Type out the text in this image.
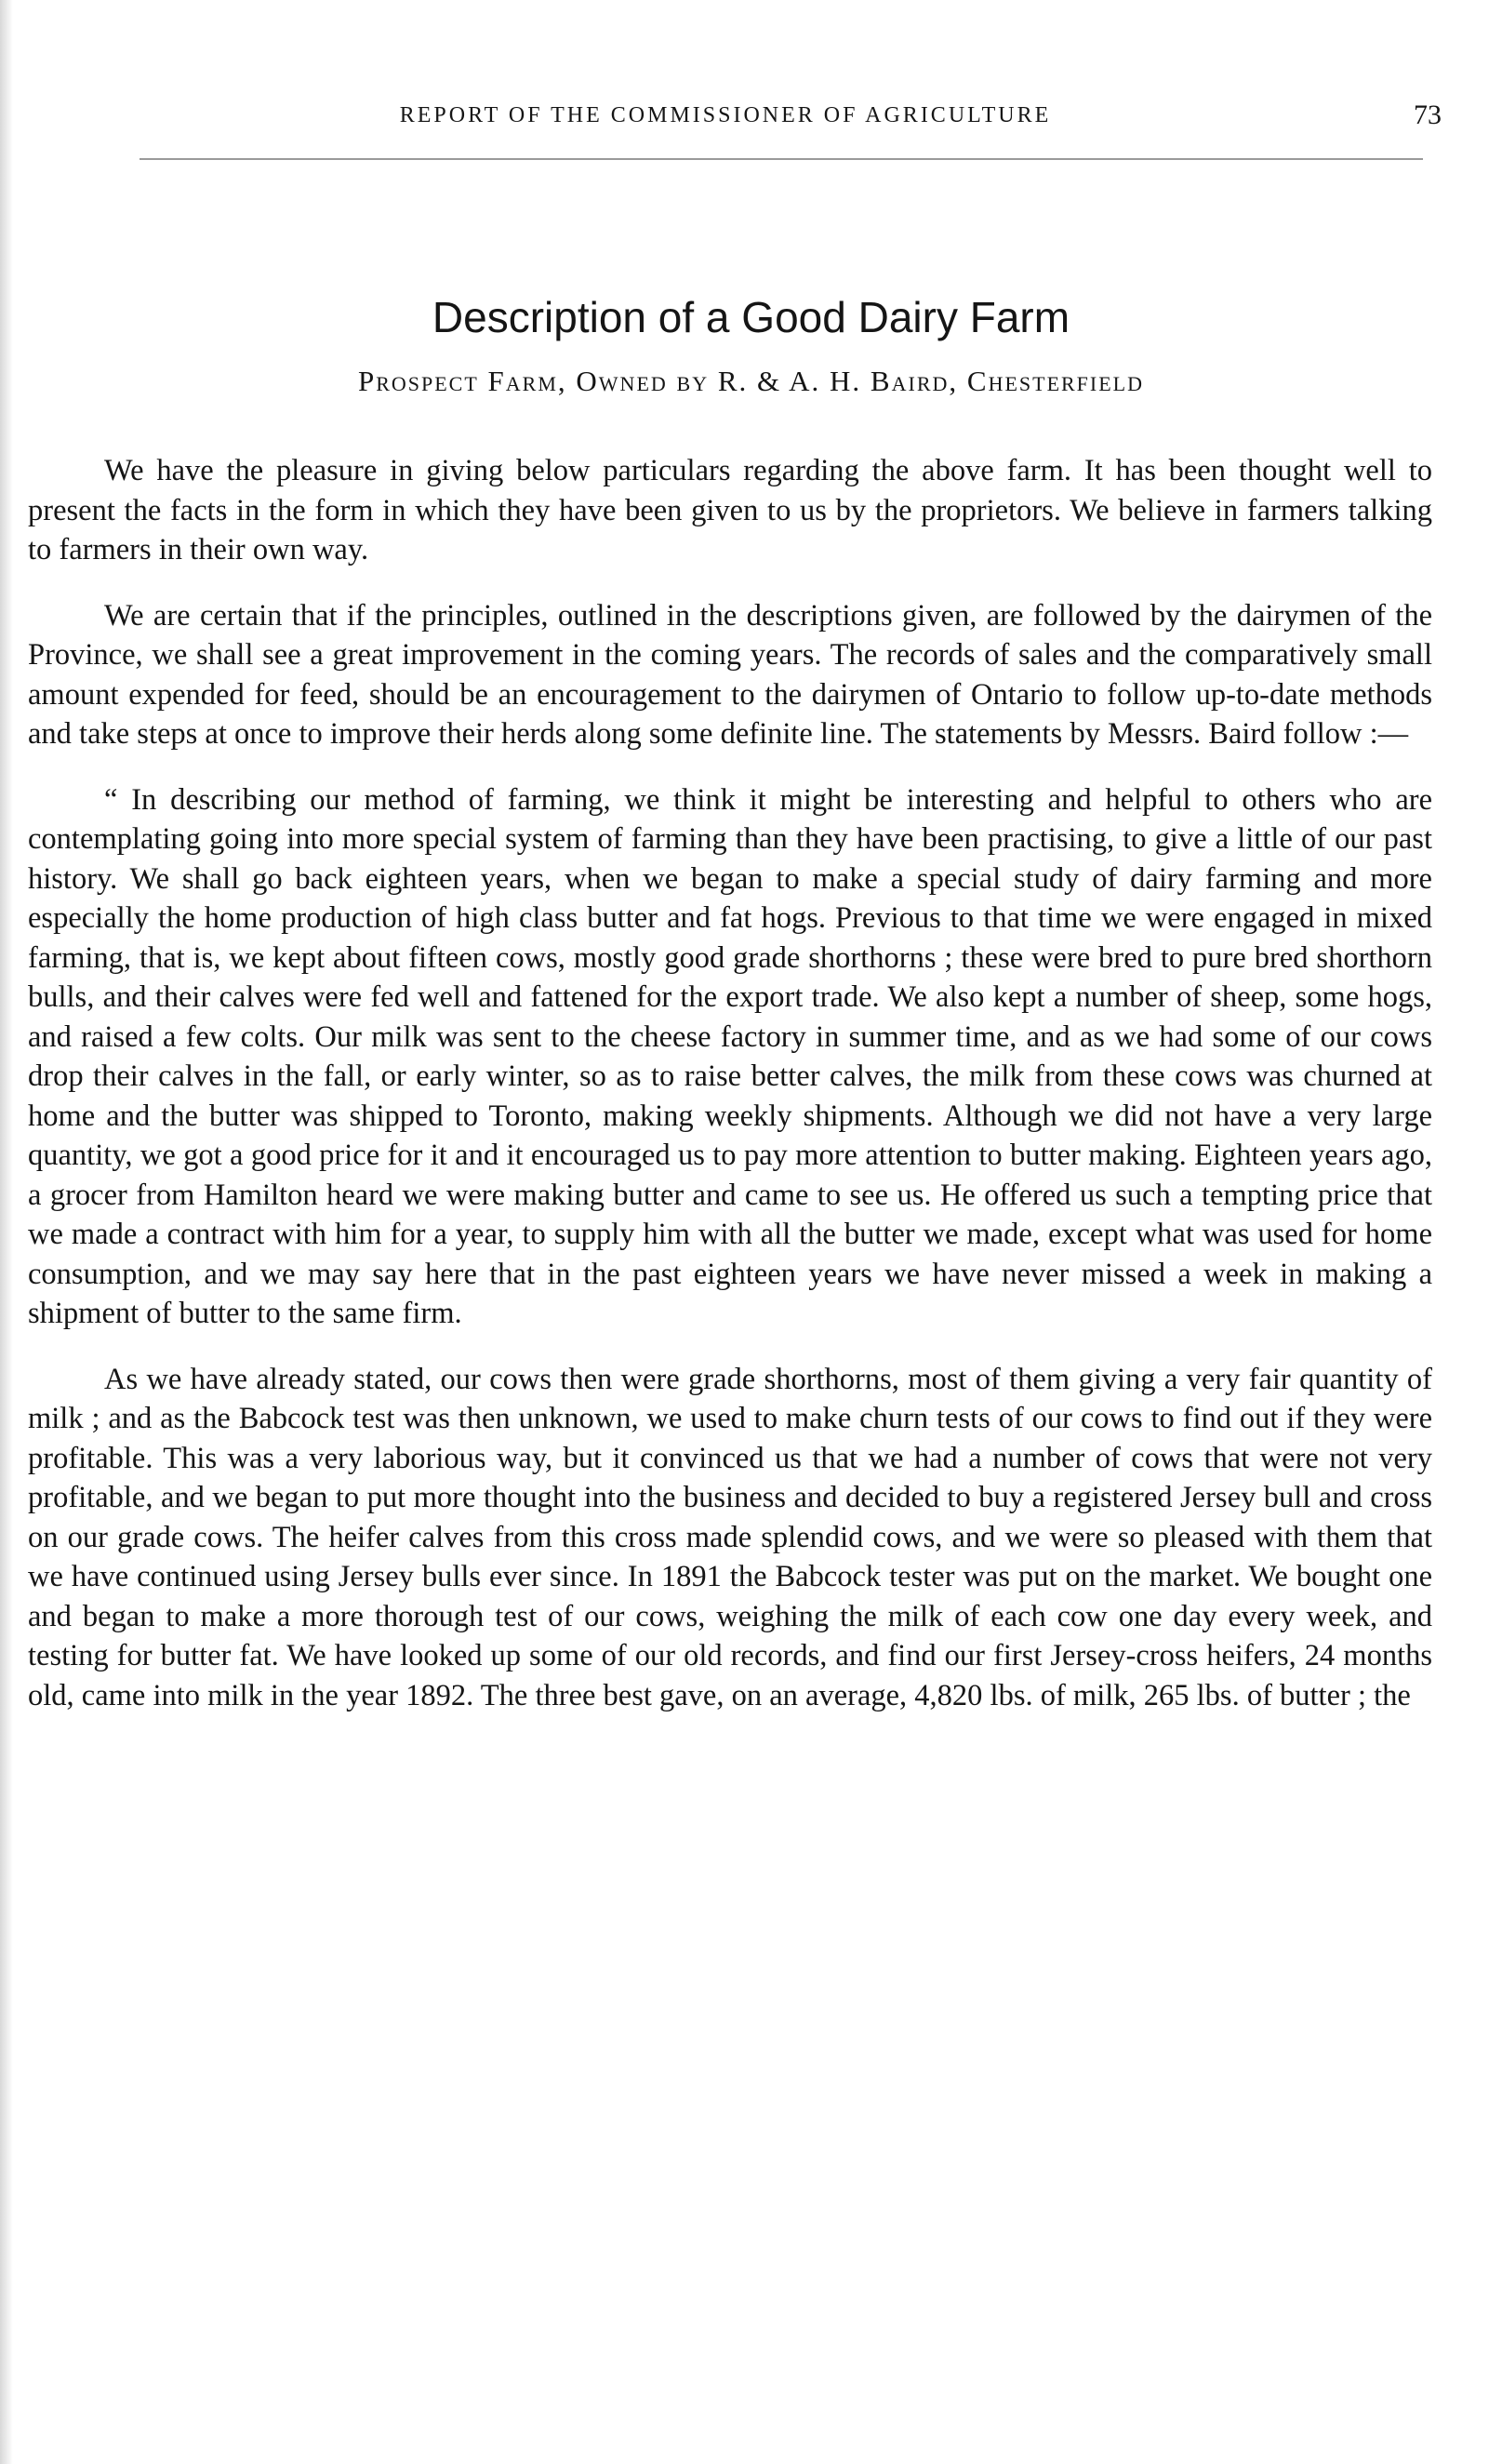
REPORT OF THE COMMISSIONER OF AGRICULTURE	73
Description of a Good Dairy Farm
Prospect Farm, Owned by R. & A. H. Baird, Chesterfield

We have the pleasure in giving below particulars regarding the above farm. It has been thought well to present the facts in the form in which they have been given to us by the proprietors. We believe in farmers talking to farmers in their own way.

We are certain that if the principles, outlined in the descriptions given, are followed by the dairymen of the Province, we shall see a great improvement in the coming years. The records of sales and the comparatively small amount expended for feed, should be an encouragement to the dairymen of Ontario to follow up-to-date methods and take steps at once to improve their herds along some definite line. The statements by Messrs. Baird follow :—

“ In describing our method of farming, we think it might be interesting and helpful to others who are contemplating going into more special system of farming than they have been practising, to give a little of our past history. We shall go back eighteen years, when we began to make a special study of dairy farming and more especially the home production of high class butter and fat hogs. Previous to that time we were engaged in mixed farming, that is, we kept about fifteen cows, mostly good grade shorthorns ; these were bred to pure bred shorthorn bulls, and their calves were fed well and fattened for the export trade. We also kept a number of sheep, some hogs, and raised a few colts. Our milk was sent to the cheese factory in summer time, and as we had some of our cows drop their calves in the fall, or early winter, so as to raise better calves, the milk from these cows was churned at home and the butter was shipped to Toronto, making weekly shipments. Although we did not have a very large quantity, we got a good price for it and it encouraged us to pay more attention to butter making. Eighteen years ago, a grocer from Hamilton heard we were making butter and came to see us. He offered us such a tempting price that we made a contract with him for a year, to supply him with all the butter we made, except what was used for home consumption, and we may say here that in the past eighteen years we have never missed a week in making a shipment of butter to the same firm.

As we have already stated, our cows then were grade shorthorns, most of them giving a very fair quantity of milk ; and as the Babcock test was then unknown, we used to make churn tests of our cows to find out if they were profitable. This was a very laborious way, but it convinced us that we had a number of cows that were not very profitable, and we began to put more thought into the business and decided to buy a registered Jersey bull and cross on our grade cows. The heifer calves from this cross made splendid cows, and we were so pleased with them that we have continued using Jersey bulls ever since. In 1891 the Babcock tester was put on the market. We bought one and began to make a more thorough test of our cows, weighing the milk of each cow one day every week, and testing for butter fat. We have looked up some of our old records, and find our first Jersey-cross heifers, 24 months old, came into milk in the year 1892. The three best gave, on an average, 4,820 lbs. of milk, 265 lbs. of butter ; the
